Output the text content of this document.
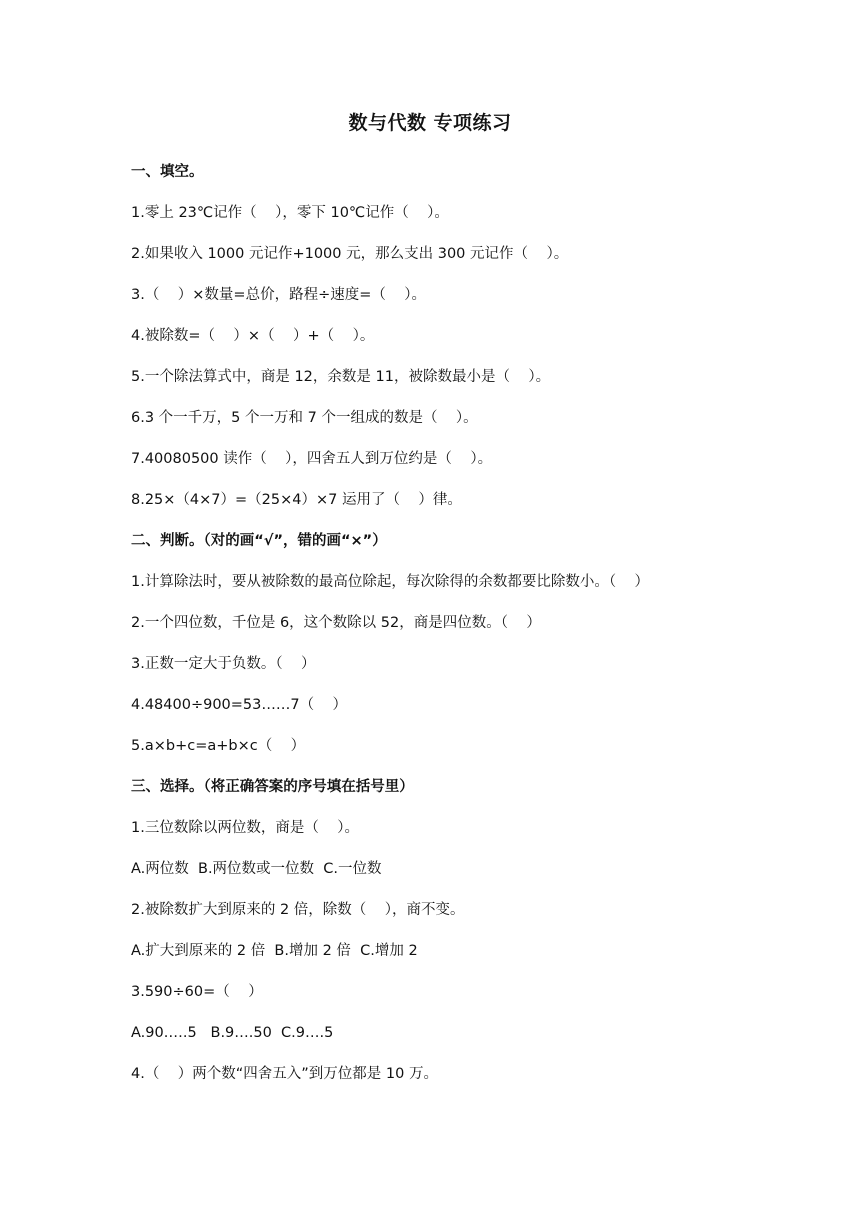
数与代数 专项练习
一、填空。
1.零上 23℃记作（    ），零下 10℃记作（    ）。
2.如果收入 1000 元记作+1000 元，那么支出 300 元记作（    ）。
3.（    ）×数量=总价，路程÷速度=（    ）。
4.被除数=（    ）×（    ）+（    ）。
5.一个除法算式中，商是 12，余数是 11，被除数最小是（    ）。
6.3 个一千万，5 个一万和 7 个一组成的数是（    ）。
7.40080500 读作（    ），四舍五人到万位约是（    ）。
8.25×（4×7）=（25×4）×7 运用了（    ）律。
二、判断。（对的画“√”，错的画“×”）
1.计算除法时，要从被除数的最高位除起，每次除得的余数都要比除数小。（    ）
2.一个四位数，千位是 6，这个数除以 52，商是四位数。（    ）
3.正数一定大于负数。（    ）
4.48400÷900=53……7（    ）
5.a×b+c=a+b×c（    ）
三、选择。（将正确答案的序号填在括号里）
1.三位数除以两位数，商是（    ）。
A.两位数  B.两位数或一位数  C.一位数
2.被除数扩大到原来的 2 倍，除数（    ），商不变。
A.扩大到原来的 2 倍  B.增加 2 倍  C.增加 2
3.590÷60=（    ）
A.90.….5   B.9….50  C.9….5
4.（    ）两个数“四舍五入”到万位都是 10 万。
